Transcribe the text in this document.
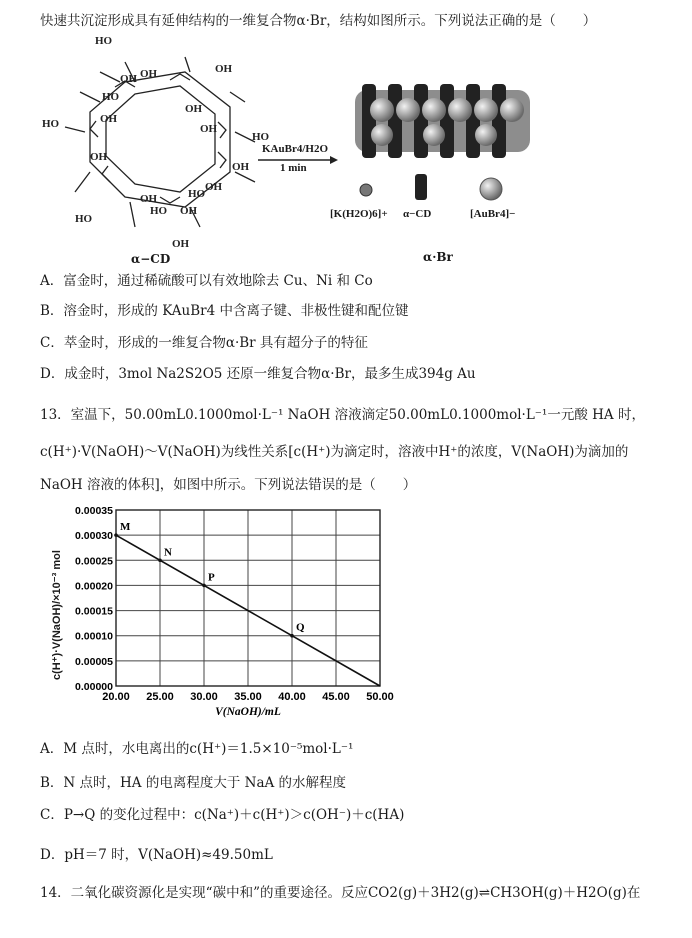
快速共沉淀形成具有延伸结构的一维复合物α·Br，结构如图所示。下列说法正确的是（　　）
HO
OH OH	OH
HO
OH
HO	OH
OH
OH
HO
OH
HO
OH
HO
HO OH
OH
OH
α−CD
KAuBr4/H2O
1 min
[K(H2O)6]+ α−CD	[AuBr4]−
α·Br
A．富金时，通过稀硫酸可以有效地除去 Cu、Ni 和 Co
B．溶金时，形成的 KAuBr4 中含离子键、非极性键和配位键
C．萃金时，形成的一维复合物α·Br 具有超分子的特征
D．成金时，3mol Na2S2O5 还原一维复合物α·Br，最多生成394g Au
13．室温下，50.00mL0.1000mol·L⁻¹ NaOH 溶液滴定50.00mL0.1000mol·L⁻¹一元酸 HA 时，
c(H⁺)·V(NaOH)～V(NaOH)为线性关系[c(H⁺)为滴定时，溶液中H⁺的浓度，V(NaOH)为滴加的
NaOH 溶液的体积]，如图中所示。下列说法错误的是（　　）
20.00 25.00 30.00 35.00 40.00 45.00 50.00
0.00000
0.00005
0.00010
0.00015
0.00020
0.00025
0.00030
0.00035
M
N
P
Q
V(NaOH)/mL
c(H⁺)·V(NaOH)/×10⁻³ mol
A．M 点时，水电离出的c(H⁺)＝1.5×10⁻⁵mol·L⁻¹
B．N 点时，HA 的电离程度大于 NaA 的水解程度
C．P→Q 的变化过程中：c(Na⁺)＋c(H⁺)＞c(OH⁻)＋c(HA)
D．pH＝7 时，V(NaOH)≈49.50mL
14．二氧化碳资源化是实现“碳中和”的重要途径。反应CO2(g)＋3H2(g)⇌CH3OH(g)＋H2O(g)在
